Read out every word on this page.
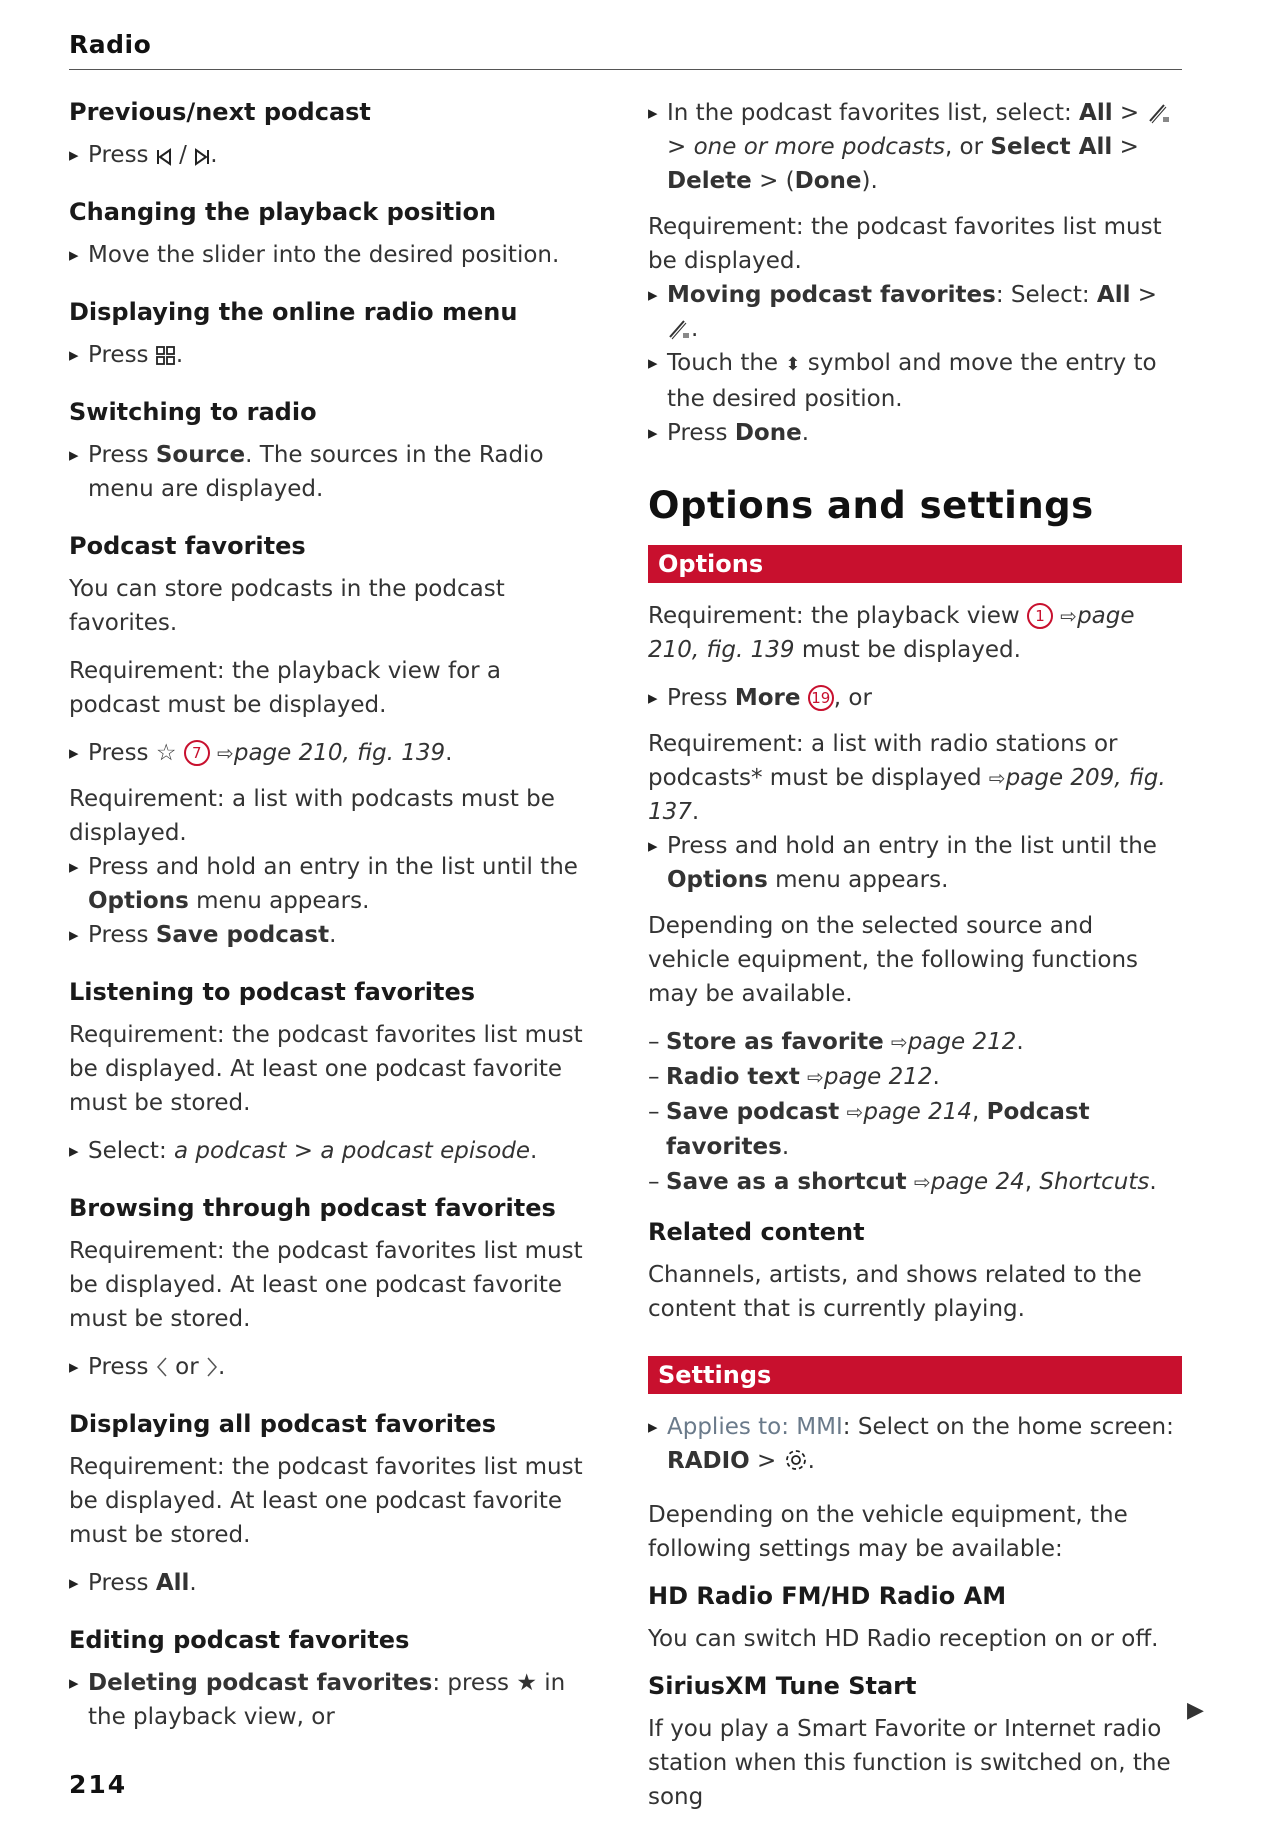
Radio
Previous/next podcast
▸ Press  / .
Changing the playback position
▸ Move the slider into the desired position.
Displaying the online radio menu
▸ Press .
Switching to radio
▸ Press Source. The sources in the Radio menu are displayed.
Podcast favorites
You can store podcasts in the podcast favorites.
Requirement: the playback view for a podcast must be displayed.
▸ Press ☆ 7 ⇨page 210, fig. 139.
Requirement: a list with podcasts must be displayed.
▸ Press and hold an entry in the list until the Options menu appears.
▸ Press Save podcast.
Listening to podcast favorites
Requirement: the podcast favorites list must be displayed. At least one podcast favorite must be stored.
▸ Select: a podcast > a podcast episode.
Browsing through podcast favorites
Requirement: the podcast favorites list must be displayed. At least one podcast favorite must be stored.
▸ Press  or .
Displaying all podcast favorites
Requirement: the podcast favorites list must be displayed. At least one podcast favorite must be stored.
▸ Press All.
Editing podcast favorites
▸ Deleting podcast favorites: press ★ in the playback view, or
▸ In the podcast favorites list, select: All >  > one or more podcasts, or Select All > Delete > (Done).
Requirement: the podcast favorites list must be displayed.
▸ Moving podcast favorites: Select: All > .
▸ Touch the ⬍ symbol and move the entry to the desired position.
▸ Press Done.
Options and settings
Options
Requirement: the playback view 1 ⇨page 210, fig. 139 must be displayed.
▸ Press More 19 , or
Requirement: a list with radio stations or podcasts* must be displayed ⇨page 209, fig. 137.
▸ Press and hold an entry in the list until the Options menu appears.
Depending on the selected source and vehicle equipment, the following functions may be available.
– Store as favorite ⇨page 212.
– Radio text ⇨page 212.
– Save podcast ⇨page 214, Podcast favorites.
– Save as a shortcut ⇨page 24, Shortcuts.
Related content
Channels, artists, and shows related to the content that is currently playing.
Settings
▸ Applies to: MMI: Select on the home screen: RADIO > .
Depending on the vehicle equipment, the following settings may be available:
HD Radio FM/HD Radio AM
You can switch HD Radio reception on or off.
SiriusXM Tune Start
If you play a Smart Favorite or Internet radio station when this function is switched on, the song
▶
214
